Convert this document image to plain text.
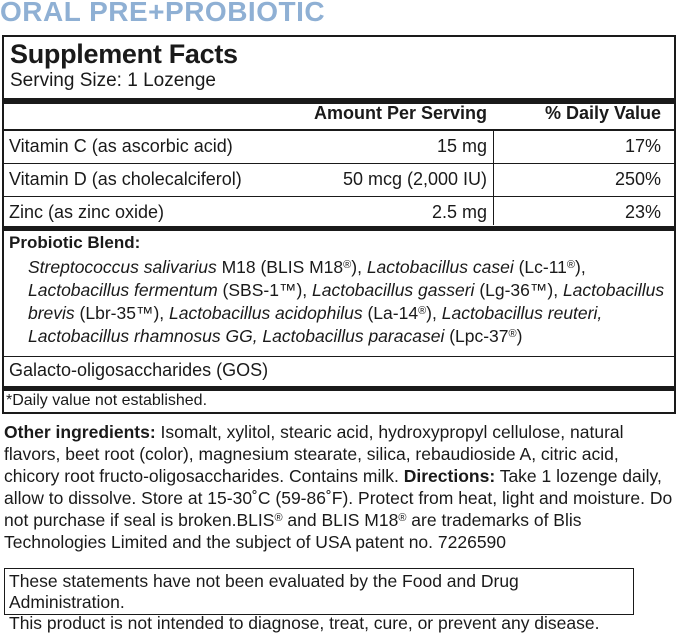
ORAL PRE+PROBIOTIC
Supplement Facts
Serving Size: 1 Lozenge
Amount Per Serving	% Daily Value
Vitamin C (as ascorbic acid)	15 mg	17%
Vitamin D (as cholecalciferol)	50 mcg (2,000 IU)	250%
Zinc (as zinc oxide)	2.5 mg	23%
Probiotic Blend:
Streptococcus salivarius M18 (BLIS M18®), Lactobacillus casei (Lc-11®),
Lactobacillus fermentum (SBS-1™), Lactobacillus gasseri (Lg-36™), Lactobacillus brevis (Lbr-35™), Lactobacillus acidophilus (La-14®), Lactobacillus reuteri, Lactobacillus rhamnosus GG, Lactobacillus paracasei (Lpc-37®)
Galacto-oligosaccharides (GOS)
*Daily value not established.
Other ingredients: Isomalt, xylitol, stearic acid, hydroxypropyl cellulose, natural flavors, beet root (color), magnesium stearate, silica, rebaudioside A, citric acid, chicory root fructo-oligosaccharides. Contains milk. Directions: Take 1 lozenge daily, allow to dissolve. Store at 15-30˚C (59-86˚F). Protect from heat, light and moisture. Do not purchase if seal is broken.BLIS® and BLIS M18® are trademarks of Blis Technologies Limited and the subject of USA patent no. 7226590
These statements have not been evaluated by the Food and Drug Administration.
This product is not intended to diagnose, treat, cure, or prevent any disease.
